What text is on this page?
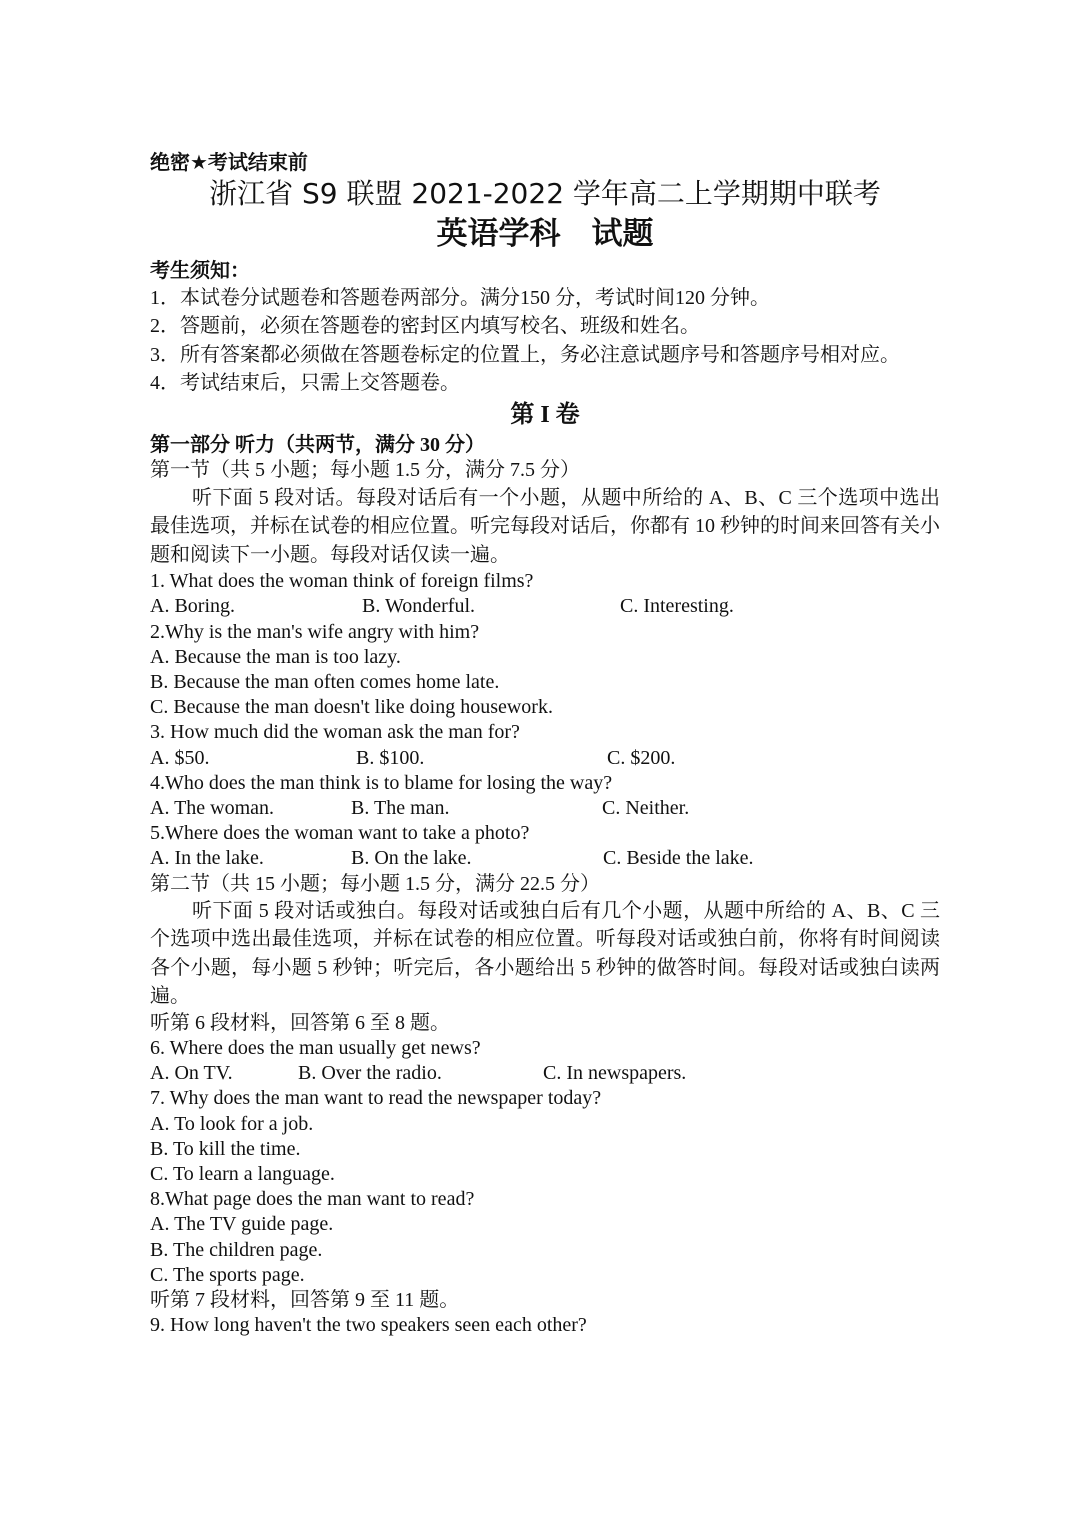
绝密★考试结束前
浙江省 S9 联盟 2021-2022 学年高二上学期期中联考
英语学科　试题
考生须知：
1．本试卷分试题卷和答题卷两部分。满分150 分，考试时间120 分钟。
2．答题前，必须在答题卷的密封区内填写校名、班级和姓名。
3．所有答案都必须做在答题卷标定的位置上，务必注意试题序号和答题序号相对应。
4．考试结束后，只需上交答题卷。
第 I 卷
第一部分 听力（共两节，满分 30 分）
第一节（共 5 小题；每小题 1.5 分，满分 7.5 分）
听下面 5 段对话。每段对话后有一个小题，从题中所给的 A、B、C 三个选项中选出最佳选项，并标在试卷的相应位置。听完每段对话后，你都有 10 秒钟的时间来回答有关小题和阅读下一小题。每段对话仅读一遍。
1. What does the woman think of foreign films?
A. Boring.	B. Wonderful.	C. Interesting.
2.Why is the man's wife angry with him?
A. Because the man is too lazy.
B. Because the man often comes home late.
C. Because the man doesn't like doing housework.
3. How much did the woman ask the man for?
A. $50.	B. $100.	C. $200.
4.Who does the man think is to blame for losing the way?
A. The woman.	B. The man.	C. Neither.
5.Where does the woman want to take a photo?
A. In the lake.	B. On the lake.	C. Beside the lake.
第二节（共 15 小题；每小题 1.5 分，满分 22.5 分）
听下面 5 段对话或独白。每段对话或独白后有几个小题，从题中所给的 A、B、C 三个选项中选出最佳选项，并标在试卷的相应位置。听每段对话或独白前，你将有时间阅读各个小题，每小题 5 秒钟；听完后，各小题给出 5 秒钟的做答时间。每段对话或独白读两遍。
听第 6 段材料，回答第 6 至 8 题。
6. Where does the man usually get news?
A. On TV.	B. Over the radio.	C. In newspapers.
7. Why does the man want to read the newspaper today?
A. To look for a job.
B. To kill the time.
C. To learn a language.
8.What page does the man want to read?
A. The TV guide page.
B. The children page.
C. The sports page.
听第 7 段材料，回答第 9 至 11 题。
9. How long haven't the two speakers seen each other?
